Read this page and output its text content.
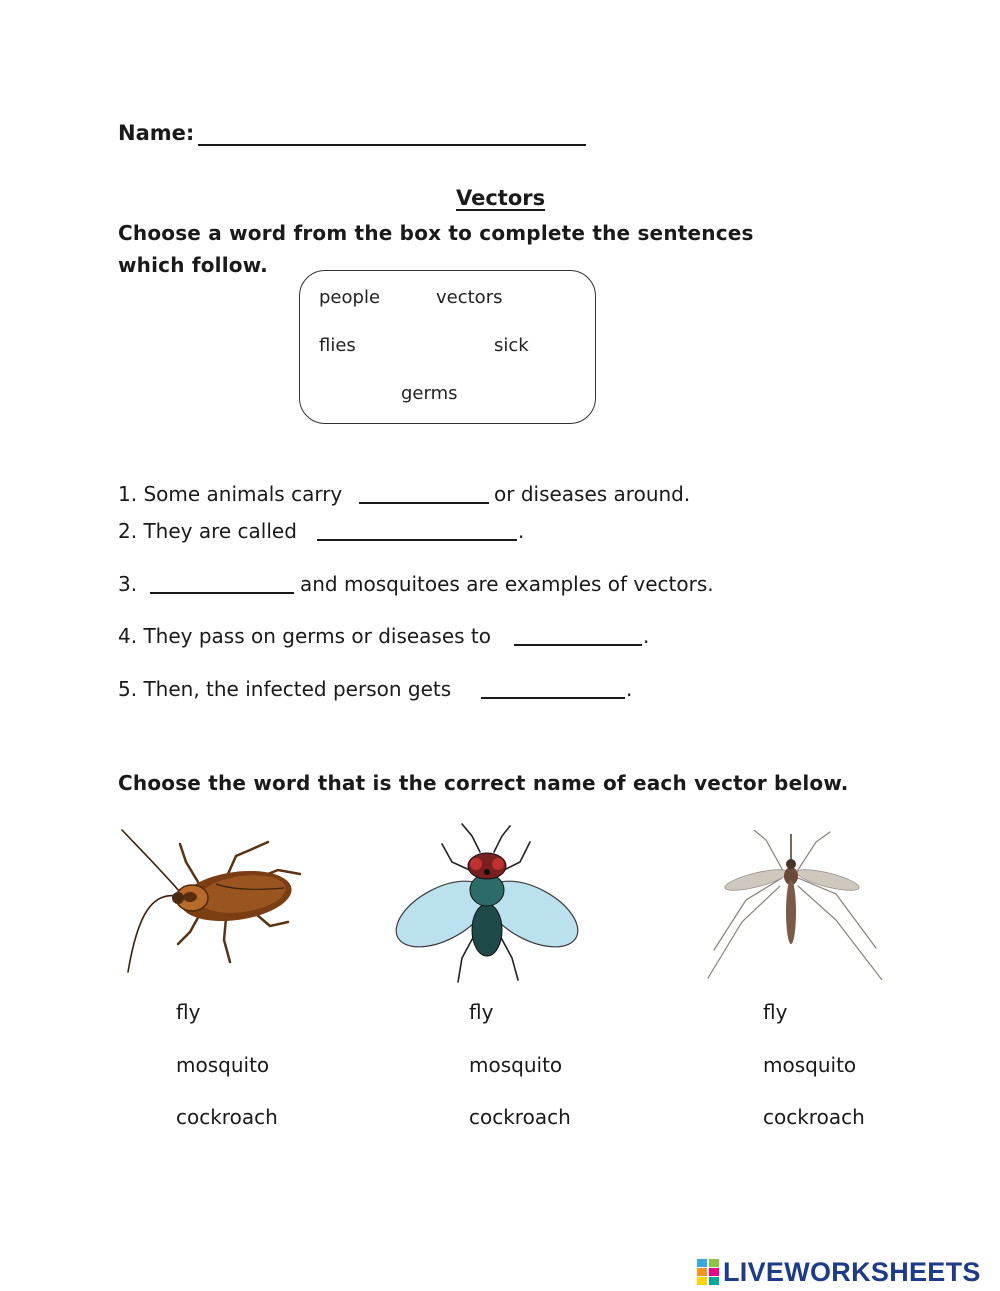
Name:
Vectors
Choose a word from the box to complete the sentences which follow.
people	vectors
flies	sick
germs
1. Some animals carry	or diseases around.
2. They are called	.
3.	and mosquitoes are examples of vectors.
4. They pass on germs or diseases to	.
5. Then, the infected person gets	.
Choose the word that is the correct name of each vector below.
fly
mosquito
cockroach
fly
mosquito
cockroach
fly
mosquito
cockroach
LIVEWORKSHEETS
